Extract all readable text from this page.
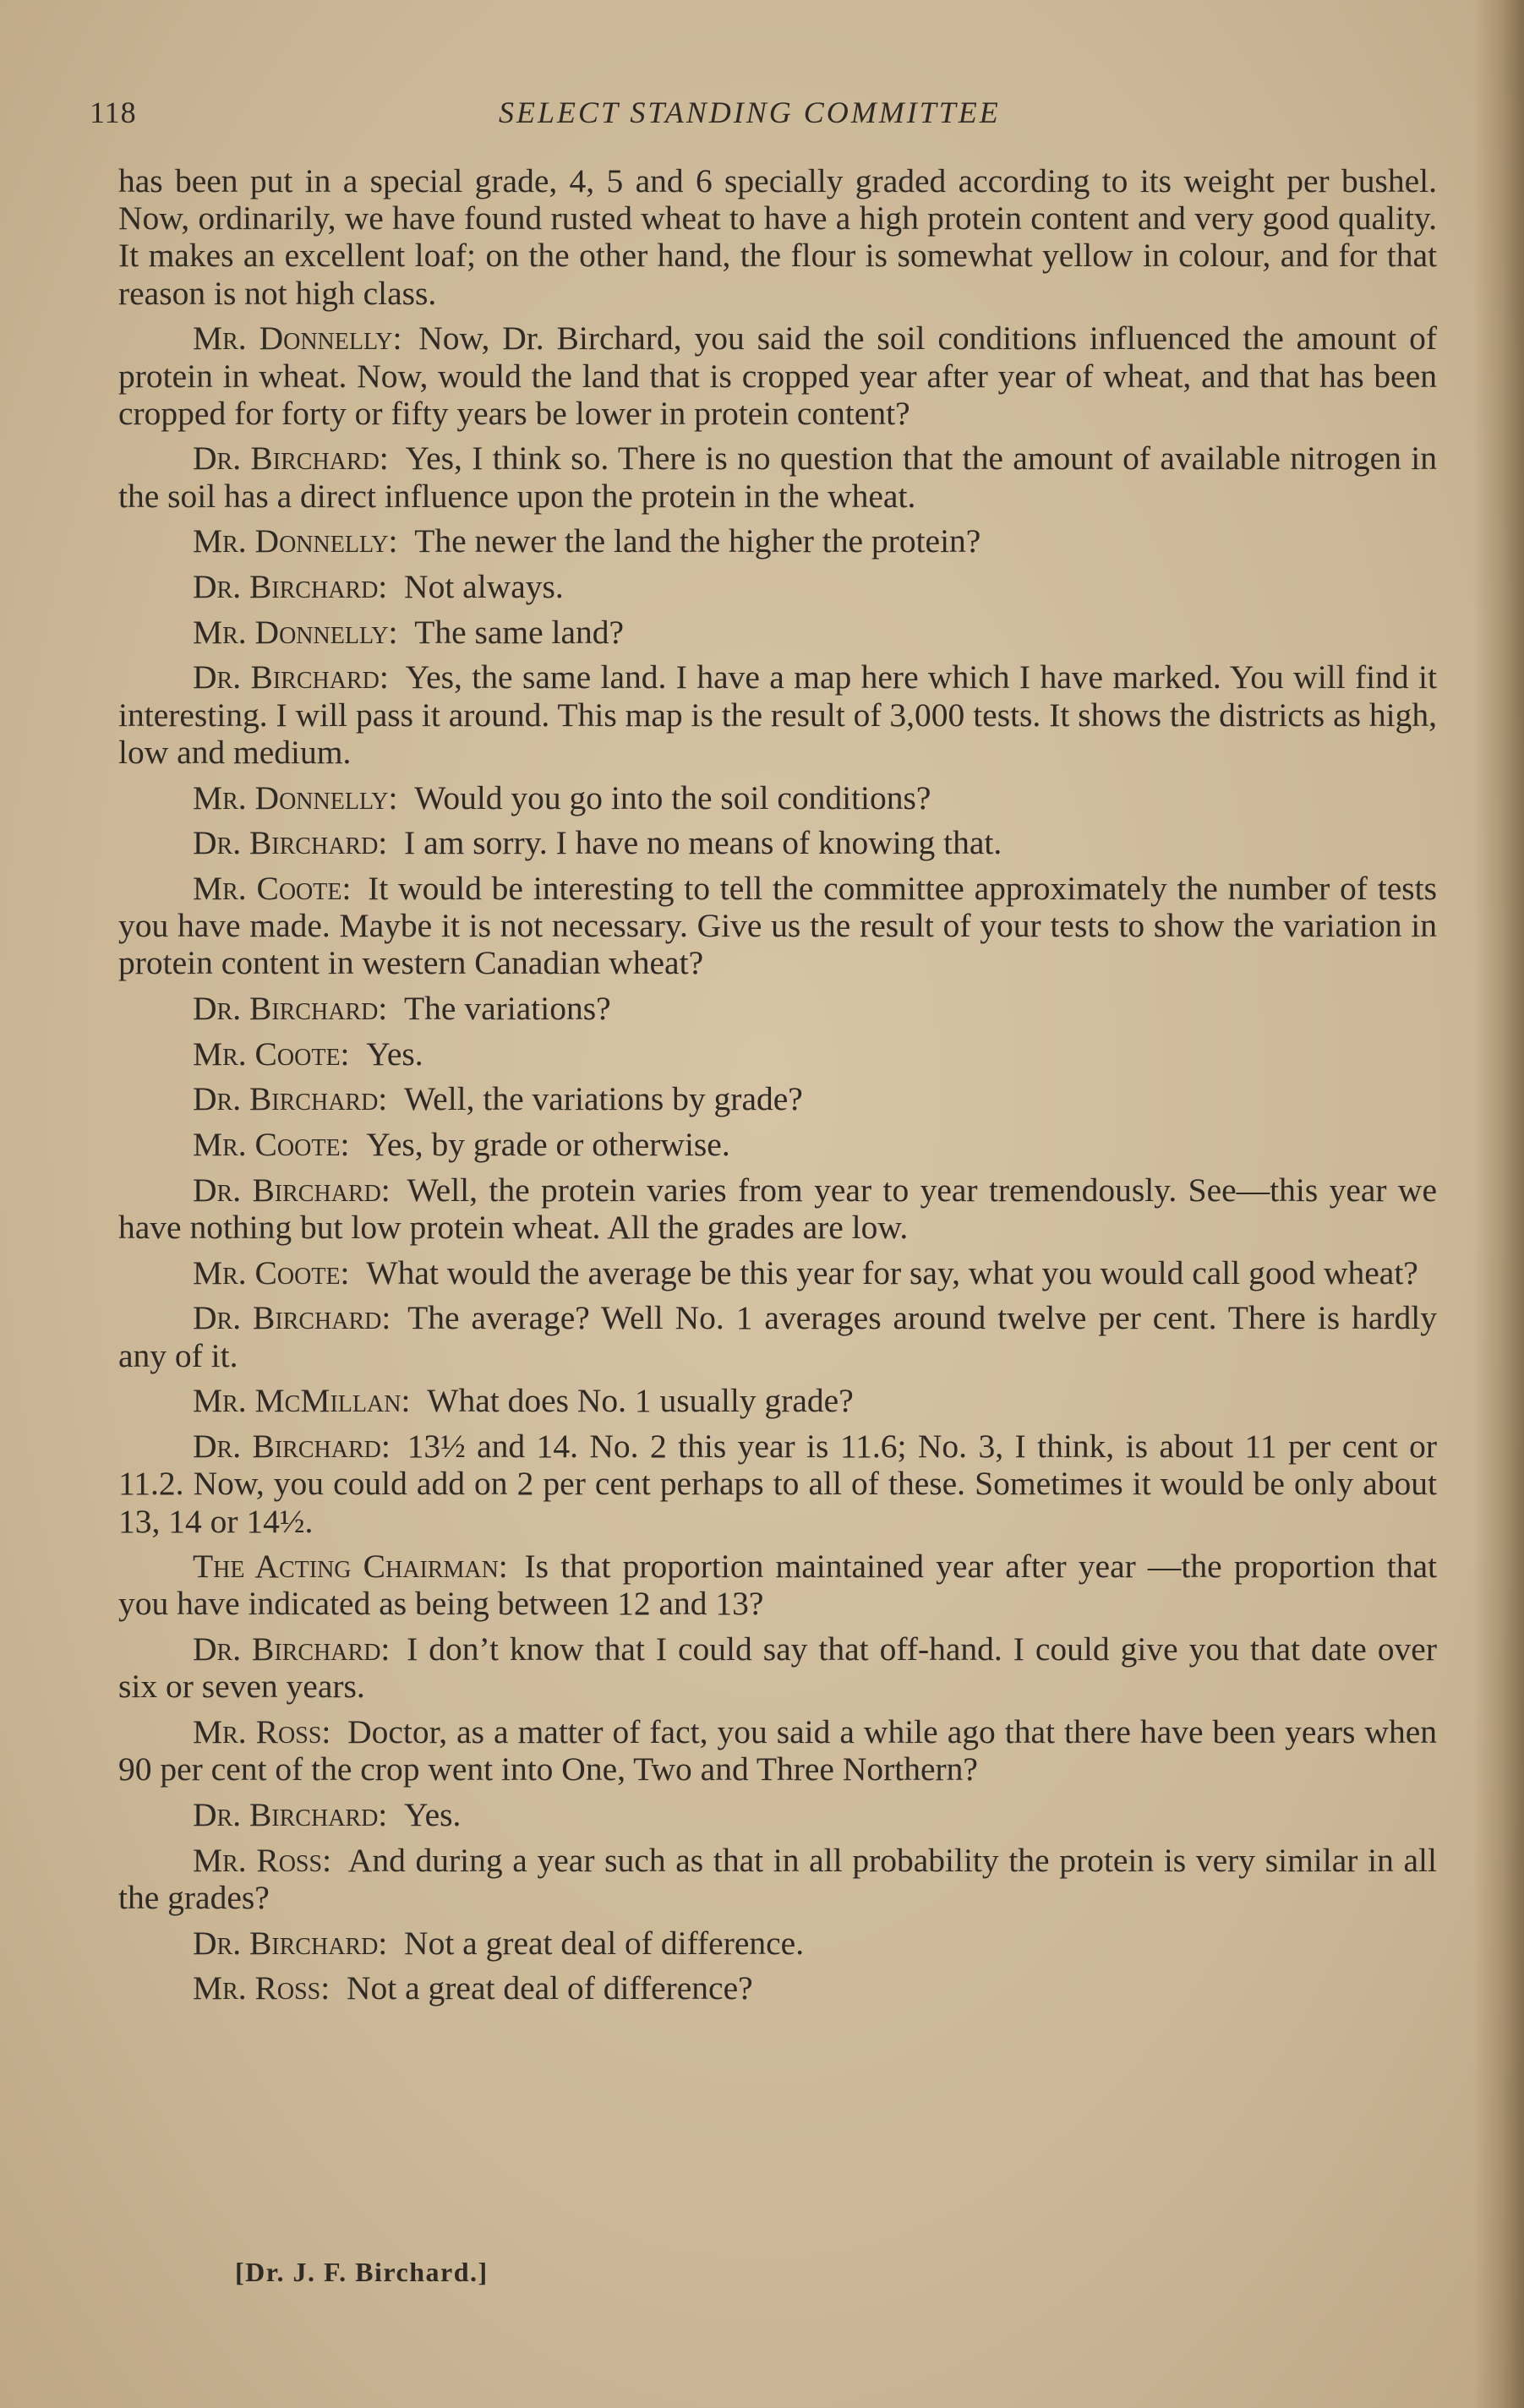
118	SELECT STANDING COMMITTEE

has been put in a special grade, 4, 5 and 6 specially graded according to its weight per bushel. Now, ordinarily, we have found rusted wheat to have a high protein content and very good quality. It makes an excellent loaf; on the other hand, the flour is somewhat yellow in colour, and for that reason is not high class.

Mr. Donnelly:  Now, Dr. Birchard, you said the soil conditions influenced the amount of protein in wheat. Now, would the land that is cropped year after year of wheat, and that has been cropped for forty or fifty years be lower in protein content?

Dr. Birchard:  Yes, I think so. There is no question that the amount of available nitrogen in the soil has a direct influence upon the protein in the wheat.

Mr. Donnelly:  The newer the land the higher the protein?

Dr. Birchard:  Not always.

Mr. Donnelly:  The same land?

Dr. Birchard:  Yes, the same land. I have a map here which I have marked. You will find it interesting. I will pass it around. This map is the result of 3,000 tests. It shows the districts as high, low and medium.

Mr. Donnelly:  Would you go into the soil conditions?

Dr. Birchard:  I am sorry. I have no means of knowing that.

Mr. Coote:  It would be interesting to tell the committee approximately the number of tests you have made. Maybe it is not necessary. Give us the result of your tests to show the variation in protein content in western Canadian wheat?

Dr. Birchard:  The variations?

Mr. Coote:  Yes.

Dr. Birchard:  Well, the variations by grade?

Mr. Coote:  Yes, by grade or otherwise.

Dr. Birchard:  Well, the protein varies from year to year tremendously. See—this year we have nothing but low protein wheat. All the grades are low.

Mr. Coote:  What would the average be this year for say, what you would call good wheat?

Dr. Birchard:  The average? Well No. 1 averages around twelve per cent. There is hardly any of it.

Mr. McMillan:  What does No. 1 usually grade?

Dr. Birchard:  13½ and 14. No. 2 this year is 11.6; No. 3, I think, is about 11 per cent or 11.2. Now, you could add on 2 per cent perhaps to all of these. Sometimes it would be only about 13, 14 or 14½.

The Acting Chairman:  Is that proportion maintained year after year —the proportion that you have indicated as being between 12 and 13?

Dr. Birchard:  I don’t know that I could say that off-hand. I could give you that date over six or seven years.

Mr. Ross:  Doctor, as a matter of fact, you said a while ago that there have been years when 90 per cent of the crop went into One, Two and Three Northern?

Dr. Birchard:  Yes.

Mr. Ross:  And during a year such as that in all probability the protein is very similar in all the grades?

Dr. Birchard:  Not a great deal of difference.

Mr. Ross:  Not a great deal of difference?

[Dr. J. F. Birchard.]
